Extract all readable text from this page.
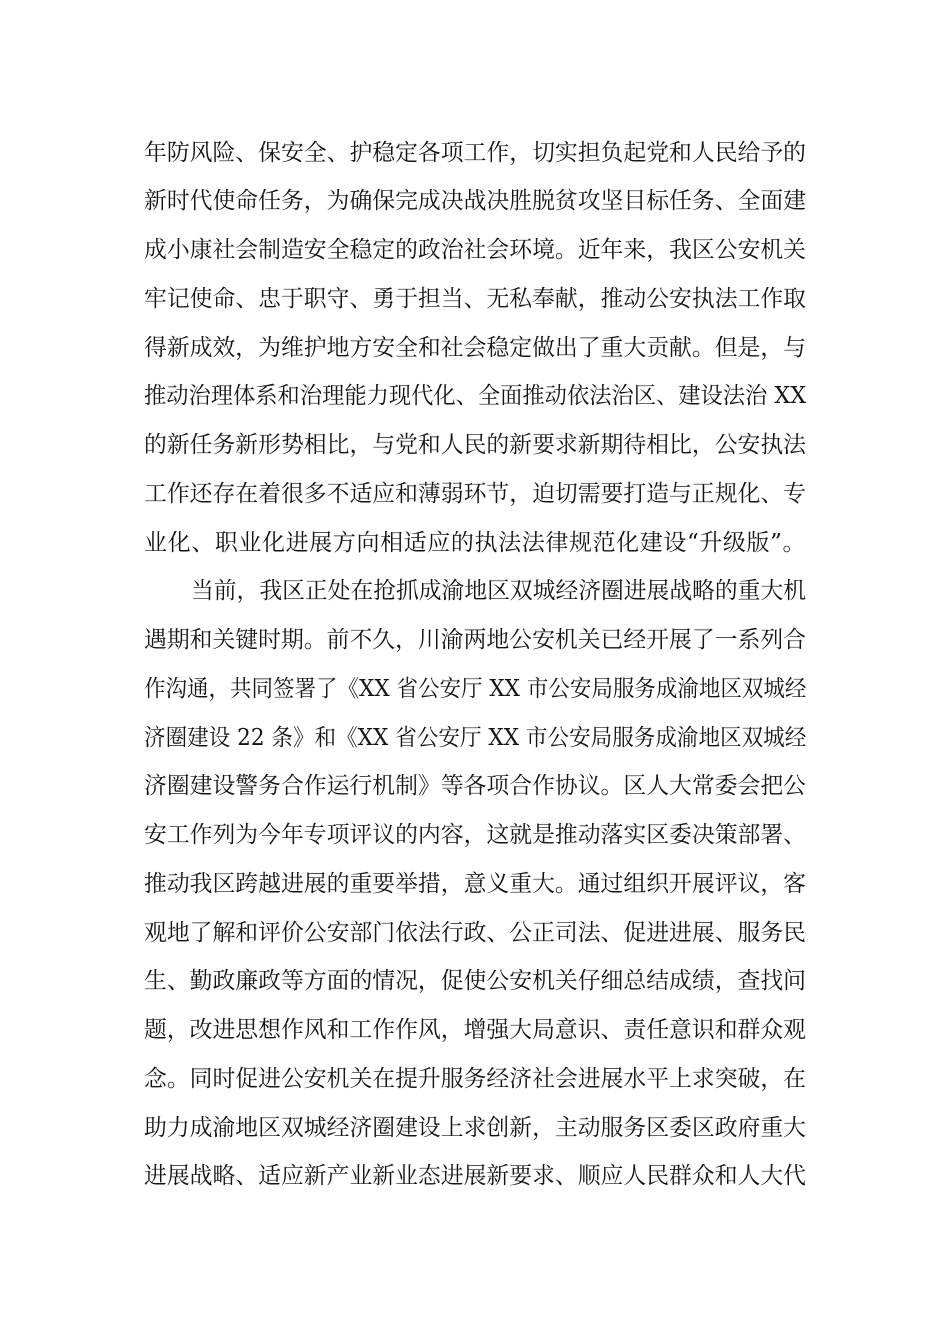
年防风险、保安全、护稳定各项工作，切实担负起党和人民给予的
新时代使命任务，为确保完成决战决胜脱贫攻坚目标任务、全面建
成小康社会制造安全稳定的政治社会环境。近年来，我区公安机关
牢记使命、忠于职守、勇于担当、无私奉献，推动公安执法工作取
得新成效，为维护地方安全和社会稳定做出了重大贡献。但是，与
推动治理体系和治理能力现代化、全面推动依法治区、建设法治 XX
的新任务新形势相比，与党和人民的新要求新期待相比，公安执法
工作还存在着很多不适应和薄弱环节，迫切需要打造与正规化、专
业化、职业化进展方向相适应的执法法律规范化建设“升级版”。
当前，我区正处在抢抓成渝地区双城经济圈进展战略的重大机
遇期和关键时期。前不久，川渝两地公安机关已经开展了一系列合
作沟通，共同签署了《XX 省公安厅 XX 市公安局服务成渝地区双城经
济圈建设 22 条》和《XX 省公安厅 XX 市公安局服务成渝地区双城经
济圈建设警务合作运行机制》等各项合作协议。区人大常委会把公
安工作列为今年专项评议的内容，这就是推动落实区委决策部署、
推动我区跨越进展的重要举措，意义重大。通过组织开展评议，客
观地了解和评价公安部门依法行政、公正司法、促进进展、服务民
生、勤政廉政等方面的情况，促使公安机关仔细总结成绩，查找问
题，改进思想作风和工作作风，增强大局意识、责任意识和群众观
念。同时促进公安机关在提升服务经济社会进展水平上求突破，在
助力成渝地区双城经济圈建设上求创新，主动服务区委区政府重大
进展战略、适应新产业新业态进展新要求、顺应人民群众和人大代
